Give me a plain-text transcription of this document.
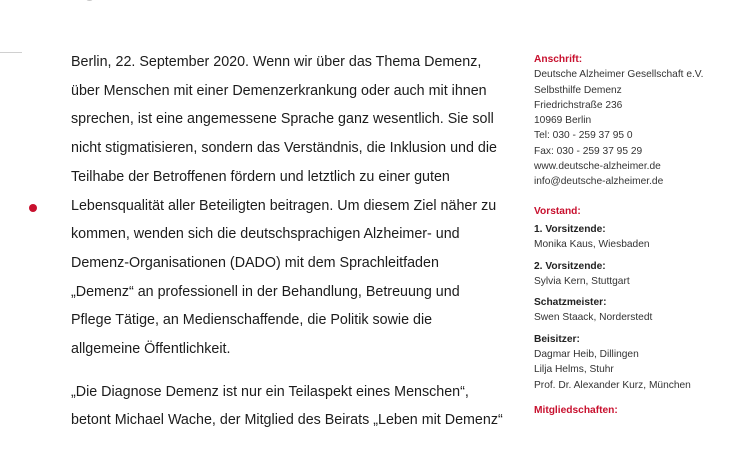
Berlin, 22. September 2020. Wenn wir über das Thema Demenz, über Menschen mit einer Demenzerkrankung oder auch mit ihnen sprechen, ist eine angemessene Sprache ganz wesentlich. Sie soll nicht stigmatisieren, sondern das Verständnis, die Inklusion und die Teilhabe der Betroffenen fördern und letztlich zu einer guten Lebensqualität aller Beteiligten beitragen. Um diesem Ziel näher zu kommen, wenden sich die deutschsprachigen Alzheimer- und Demenz-Organisationen (DADO) mit dem Sprachleitfaden „Demenz“ an professionell in der Behandlung, Betreuung und Pflege Tätige, an Medienschaffende, die Politik sowie die allgemeine Öffentlichkeit.

„Die Diagnose Demenz ist nur ein Teilaspekt eines Menschen“, betont Michael Wache, der Mitglied des Beirats „Leben mit Demenz“

Anschrift:
Deutsche Alzheimer Gesellschaft e.V.
Selbsthilfe Demenz
Friedrichstraße 236
10969 Berlin
Tel: 030 - 259 37 95 0
Fax: 030 - 259 37 95 29
www.deutsche-alzheimer.de
info@deutsche-alzheimer.de
Vorstand:
1. Vorsitzende:
Monika Kaus, Wiesbaden
2. Vorsitzende:
Sylvia Kern, Stuttgart
Schatzmeister:
Swen Staack, Norderstedt
Beisitzer:
Dagmar Heib, Dillingen
Lilja Helms, Stuhr
Prof. Dr. Alexander Kurz, München
Mitgliedschaften:
